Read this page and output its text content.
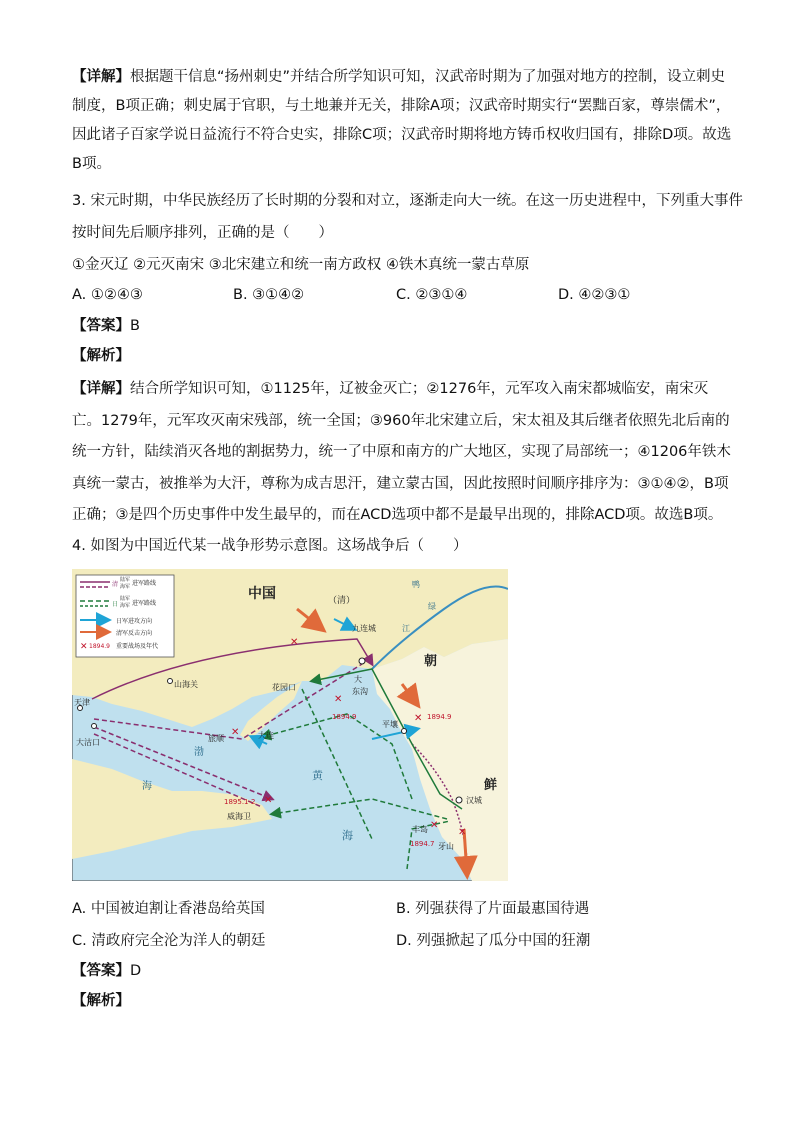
【详解】根据题干信息“扬州刺史”并结合所学知识可知，汉武帝时期为了加强对地方的控制，设立刺史制度，B项正确；刺史属于官职，与土地兼并无关，排除A项；汉武帝时期实行“罢黜百家，尊崇儒术”，因此诸子百家学说日益流行不符合史实，排除C项；汉武帝时期将地方铸币权收归国有，排除D项。故选B项。

3. 宋元时期，中华民族经历了长时期的分裂和对立，逐渐走向大一统。在这一历史进程中，下列重大事件
按时间先后顺序排列，正确的是（　　）
①金灭辽 ②元灭南宋 ③北宋建立和统一南方政权 ④铁木真统一蒙古草原
A. ①②④③	B. ③①④②	C. ②③①④	D. ④②③①
【答案】B
【解析】

【详解】结合所学知识可知，①1125年，辽被金灭亡；②1276年，元军攻入南宋都城临安，南宋灭亡。1279年，元军攻灭南宋残部，统一全国；③960年北宋建立后，宋太祖及其后继者依照先北后南的统一方针，陆续消灭各地的割据势力，统一了中原和南方的广大地区，实现了局部统一；④1206年铁木真统一蒙古，被推举为大汗，尊称为成吉思汗，建立蒙古国，因此按照时间顺序排序为：③①④②，B项正确；③是四个历史事件中发生最早的，而在ACD选项中都不是最早出现的，排除ACD项。故选B项。

4. 如图为中国近代某一战争形势示意图。这场战争后（　　）
清
陆军
海军 进军路线
日
陆军
海军 进军路线
日军进攻方向
清军反击方向
✕ 1894.9 重要战场及年代
中国	（清）
九连城
山海关	花园口
大
东沟
✕
1894.9
✕
平壤
✕ 1894.9
天津
大沽口	旅顺
✕ 大连
渤
海
黄
海
1895.1-2 ✕
威海卫
汉城
丰岛 ✕
1894.7 牙山
✕
朝
鲜
鸭
绿
江
A. 中国被迫割让香港岛给英国	B. 列强获得了片面最惠国待遇
C. 清政府完全沦为洋人的朝廷	D. 列强掀起了瓜分中国的狂潮
【答案】D
【解析】
